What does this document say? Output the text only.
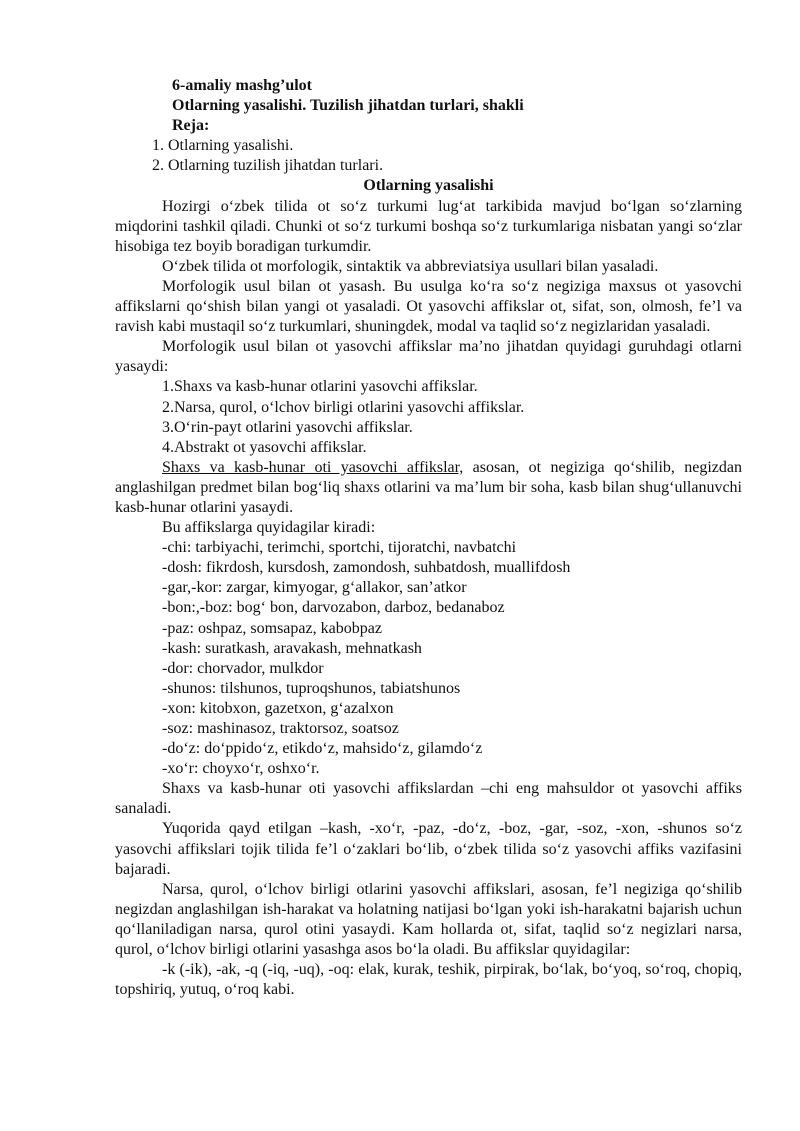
6-amaliy mashg’ulot
Otlarning yasalishi. Tuzilish jihatdan turlari, shakli
Reja:
1. Otlarning yasalishi.
2. Otlarning tuzilish jihatdan turlari.
Otlarning yasalishi

Hozirgi o‘zbek tilida ot so‘z turkumi lug‘at tarkibida mavjud bo‘lgan so‘zlarning miqdorini tashkil qiladi. Chunki ot so‘z turkumi boshqa so‘z turkumlariga nisbatan yangi so‘zlar hisobiga tez boyib boradigan turkumdir.

O‘zbek tilida ot morfologik, sintaktik va abbreviatsiya usullari bilan yasaladi.

Morfologik usul bilan ot yasash. Bu usulga ko‘ra so‘z negiziga maxsus ot yasovchi affikslarni qo‘shish bilan yangi ot yasaladi. Ot yasovchi affikslar ot, sifat, son, olmosh, fe’l va ravish kabi mustaqil so‘z turkumlari, shuningdek, modal va taqlid so‘z negizlaridan yasaladi.

Morfologik usul bilan ot yasovchi affikslar ma’no jihatdan quyidagi guruhdagi otlarni yasaydi:

1.Shaxs va kasb-hunar otlarini yasovchi affikslar.
2.Narsa, qurol, o‘lchov birligi otlarini yasovchi affikslar.
3.O‘rin-payt otlarini yasovchi affikslar.
4.Abstrakt ot yasovchi affikslar.

Shaxs va kasb-hunar oti yasovchi affikslar, asosan, ot negiziga qo‘shilib, negizdan anglashilgan predmet bilan bog‘liq shaxs otlarini va ma’lum bir soha, kasb bilan shug‘ullanuvchi kasb-hunar otlarini yasaydi.

Bu affikslarga quyidagilar kiradi:
-chi: tarbiyachi, terimchi, sportchi, tijoratchi, navbatchi
-dosh: fikrdosh, kursdosh, zamondosh, suhbatdosh, muallifdosh
-gar,-kor: zargar, kimyogar, g‘allakor, san’atkor
-bon:,-boz: bog‘ bon, darvozabon, darboz, bedanaboz
-paz: oshpaz, somsapaz, kabobpaz
-kash: suratkash, aravakash, mehnatkash
-dor: chorvador, mulkdor
-shunos: tilshunos, tuproqshunos, tabiatshunos
-xon: kitobxon, gazetxon, g‘azalxon
-soz: mashinasoz, traktorsoz, soatsoz
-do‘z: do‘ppido‘z, etikdo‘z, mahsido‘z, gilamdo‘z
-xo‘r: choyxo‘r, oshxo‘r.

Shaxs va kasb-hunar oti yasovchi affikslardan –chi eng mahsuldor ot yasovchi affiks sanaladi.

Yuqorida qayd etilgan –kash, -xo‘r, -paz, -do‘z, -boz, -gar, -soz, -xon, -shunos so‘z yasovchi affikslari tojik tilida fe’l o‘zaklari bo‘lib, o‘zbek tilida so‘z yasovchi affiks vazifasini bajaradi.

Narsa, qurol, o‘lchov birligi otlarini yasovchi affikslari, asosan, fe’l negiziga qo‘shilib negizdan anglashilgan ish-harakat va holatning natijasi bo‘lgan yoki ish-harakatni bajarish uchun qo‘llaniladigan narsa, qurol otini yasaydi. Kam hollarda ot, sifat, taqlid so‘z negizlari narsa, qurol, o‘lchov birligi otlarini yasashga asos bo‘la oladi. Bu affikslar quyidagilar:

-k (-ik), -ak, -q (-iq, -uq), -oq: elak, kurak, teshik, pirpirak, bo‘lak, bo‘yoq, so‘roq, chopiq, topshiriq, yutuq, o‘roq kabi.
